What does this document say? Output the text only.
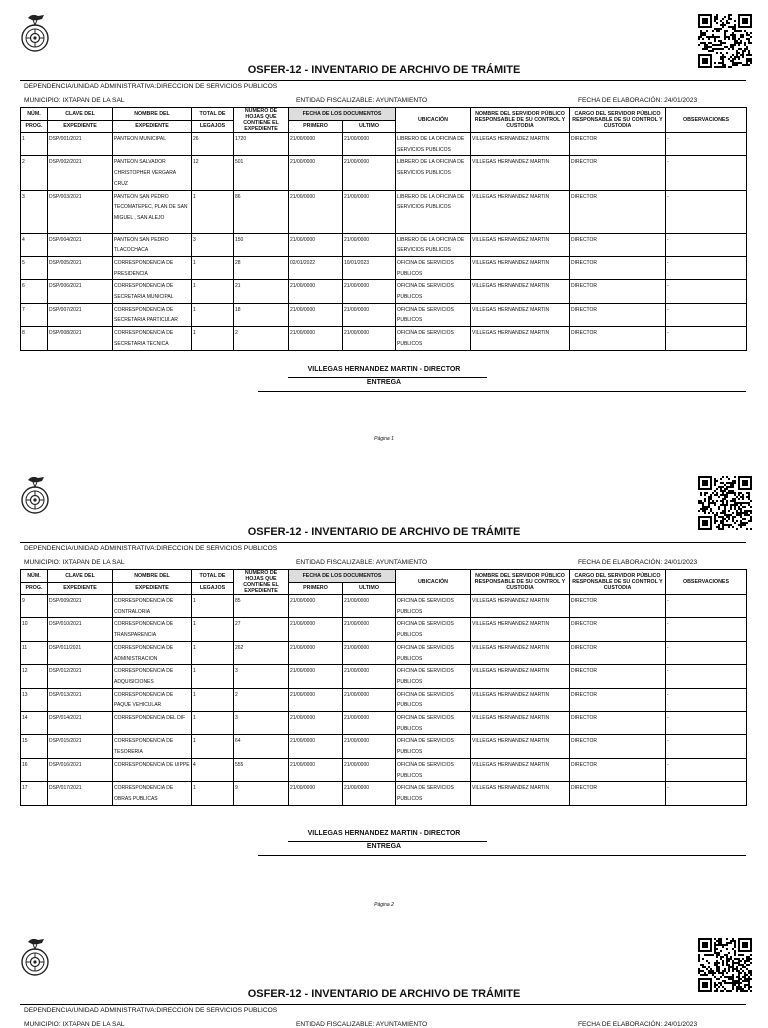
OSFER-12 - INVENTARIO DE ARCHIVO DE TRÁMITE
DEPENDENCIA/UNIDAD ADMINISTRATIVA:DIRECCION DE SERVICIOS PUBLICOS
MUNICIPIO: IXTAPAN DE LA SAL	ENTIDAD FISCALIZABLE: AYUNTAMIENTO	FECHA DE ELABORACIÓN: 24/01/2023
NÚM.	CLAVE DEL	NOMBRE DEL	TOTAL DE	NÚMERO DE HOJAS QUE CONTIENE EL EXPEDIENTE	FECHA DE LOS DOCUMENTOS		UBICACIÓN	NOMBRE DEL SERVIDOR PÚBLICO RESPONSABLE DE SU CONTROL Y CUSTODIA	CARGO DEL SERVIDOR PÚBLICO RESPONSABLE DE SU CONTROL Y CUSTODIA	OBSERVACIONES
PROG.	EXPEDIENTE	EXPEDIENTE	LEGAJOS		PRIMERO	ULTIMO				
1	DSP/001/2021	PANTEON MUNICIPAL	26	1720	21/00/0000	21/00/0000	LIBRERO DE LA OFICINA DE SERVICIOS PUBLICOS	VILLEGAS HERNANDEZ MARTIN	DIRECTOR	-
2	DSP/002/2021	PANTEON SALVADOR CHRISTOPHER VERGARA CRUZ	12	501	21/00/0000	21/00/0000	LIBRERO DE LA OFICINA DE SERVICIOS PUBLICOS	VILLEGAS HERNANDEZ MARTIN	DIRECTOR	-
3	DSP/003/2021	PANTEON SAN PEDRO TECOMATEPEC, PLAN DE SAN MIGUEL , SAN ALEJO	1	86	21/00/0000	21/00/0000	LIBRERO DE LA OFICINA DE SERVICIOS PUBLICOS	VILLEGAS HERNANDEZ MARTIN	DIRECTOR	-
4	DSP/004/2021	PANTEON SAN PEDRO TLACOCHACA	3	150	21/00/0000	21/00/0000	LIBRERO DE LA OFICINA DE SERVICIOS PUBLICOS	VILLEGAS HERNANDEZ MARTIN	DIRECTOR	-
5	DSP/005/2021	CORRESPONDENCIA DE PRESIDENCIA	1	28	02/01/2022	10/01/2023	OFICINA DE SERVICIOS PUBLICOS	VILLEGAS HERNANDEZ MARTIN	DIRECTOR	-
6	DSP/006/2021	CORRESPONDENCIA DE SECRETARIA MUNICIPAL	1	21	21/00/0000	21/00/0000	OFICINA DE SERVICIOS PUBLICOS	VILLEGAS HERNANDEZ MARTIN	DIRECTOR	-
7	DSP/007/2021	CORRESPONDENCIA DE SECRETARIA PARTICULAR	1	18	21/00/0000	21/00/0000	OFICINA DE SERVICIOS PUBLICOS	VILLEGAS HERNANDEZ MARTIN	DIRECTOR	-
8	DSP/008/2021	CORRESPONDENCIA DE SECRETARIA TECNICA	1	2	21/00/0000	21/00/0000	OFICINA DE SERVICIOS PUBLICOS	VILLEGAS HERNANDEZ MARTIN	DIRECTOR	-
VILLEGAS HERNANDEZ MARTIN - DIRECTOR
ENTREGA
Página 1
OSFER-12 - INVENTARIO DE ARCHIVO DE TRÁMITE
DEPENDENCIA/UNIDAD ADMINISTRATIVA:DIRECCION DE SERVICIOS PUBLICOS
MUNICIPIO: IXTAPAN DE LA SAL	ENTIDAD FISCALIZABLE: AYUNTAMIENTO	FECHA DE ELABORACIÓN: 24/01/2023
NÚM.	CLAVE DEL	NOMBRE DEL	TOTAL DE	NÚMERO DE HOJAS QUE CONTIENE EL EXPEDIENTE	FECHA DE LOS DOCUMENTOS		UBICACIÓN	NOMBRE DEL SERVIDOR PÚBLICO RESPONSABLE DE SU CONTROL Y CUSTODIA	CARGO DEL SERVIDOR PÚBLICO RESPONSABLE DE SU CONTROL Y CUSTODIA	OBSERVACIONES
PROG.	EXPEDIENTE	EXPEDIENTE	LEGAJOS		PRIMERO	ULTIMO				
9	DSP/009/2021	CORRESPONDENCIA DE CONTRALORIA	1	85	21/00/0000	21/00/0000	OFICINA DE SERVICIOS PUBLICOS	VILLEGAS HERNANDEZ MARTIN	DIRECTOR	-
10	DSP/010/2021	CORRESPONDENCIA DE TRANSPARENCIA	1	27	21/00/0000	21/00/0000	OFICINA DE SERVICIOS PUBLICOS	VILLEGAS HERNANDEZ MARTIN	DIRECTOR	-
11	DSP/011/2021	CORRESPONDENCIA DE ADMINISTRACION	1	262	21/00/0000	21/00/0000	OFICINA DE SERVICIOS PUBLICOS	VILLEGAS HERNANDEZ MARTIN	DIRECTOR	-
12	DSP/012/2021	CORRESPONDENCIA DE ADQUISICIONES	1	3	21/00/0000	21/00/0000	OFICINA DE SERVICIOS PUBLICOS	VILLEGAS HERNANDEZ MARTIN	DIRECTOR	-
13	DSP/013/2021	CORRESPONDENCIA DE PAQUE VEHICULAR	1	2	21/00/0000	21/00/0000	OFICINA DE SERVICIOS PUBLICOS	VILLEGAS HERNANDEZ MARTIN	DIRECTOR	-
14	DSP/014/2021	CORRESPONDENCIA DEL DIF	1	3	21/00/0000	21/00/0000	OFICINA DE SERVICIOS PUBLICOS	VILLEGAS HERNANDEZ MARTIN	DIRECTOR	-
15	DSP/015/2021	CORRESPONDENCIA DE TESORERIA	1	64	21/00/0000	21/00/0000	OFICINA DE SERVICIOS PUBLICOS	VILLEGAS HERNANDEZ MARTIN	DIRECTOR	-
16	DSP/016/2021	CORRESPONDENCIA DE UIPPE	4	555	21/00/0000	21/00/0000	OFICINA DE SERVICIOS PUBLICOS	VILLEGAS HERNANDEZ MARTIN	DIRECTOR	-
17	DSP/017/2021	CORRESPONDENCIA DE OBRAS PUBLICAS	1	9	21/00/0000	21/00/0000	OFICINA DE SERVICIOS PUBLICOS	VILLEGAS HERNANDEZ MARTIN	DIRECTOR	-
VILLEGAS HERNANDEZ MARTIN - DIRECTOR
ENTREGA
Página 2
OSFER-12 - INVENTARIO DE ARCHIVO DE TRÁMITE
DEPENDENCIA/UNIDAD ADMINISTRATIVA:DIRECCION DE SERVICIOS PUBLICOS
MUNICIPIO: IXTAPAN DE LA SAL	ENTIDAD FISCALIZABLE: AYUNTAMIENTO	FECHA DE ELABORACIÓN: 24/01/2023
